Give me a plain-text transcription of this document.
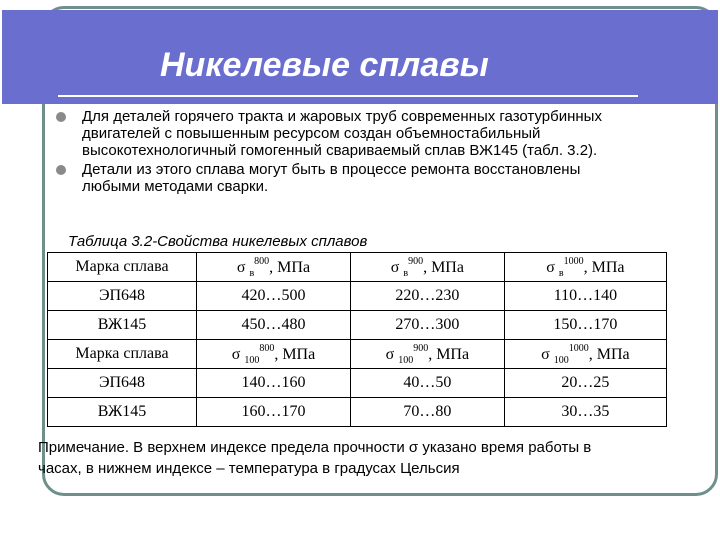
Никелевые сплавы
Для деталей горячего тракта и жаровых труб современных газотурбинных двигателей с повышенным ресурсом создан объемностабильный высокотехнологичный гомогенный свариваемый сплав ВЖ145 (табл. 3.2).
Детали из этого сплава могут быть в процессе ремонта восстановлены любыми методами сварки.
Таблица 3.2-Свойства никелевых сплавов
Марка сплава	σ $_в^{800}$, МПа	σ $_в^{900}$, МПа	σ $_в^{1000}$, МПа
ЭП648	420…500	220…230	110…140
ВЖ145	450…480	270…300	150…170
Марка сплава	σ $_{100}^{800}$, МПа	σ $_{100}^{900}$, МПа	σ $_{100}^{1000}$, МПа
ЭП648	140…160	40…50	20…25
ВЖ145	160…170	70…80	30…35
Примечание. В верхнем индексе предела прочности σ указано время работы в часах, в нижнем индексе – температура в градусах Цельсия
